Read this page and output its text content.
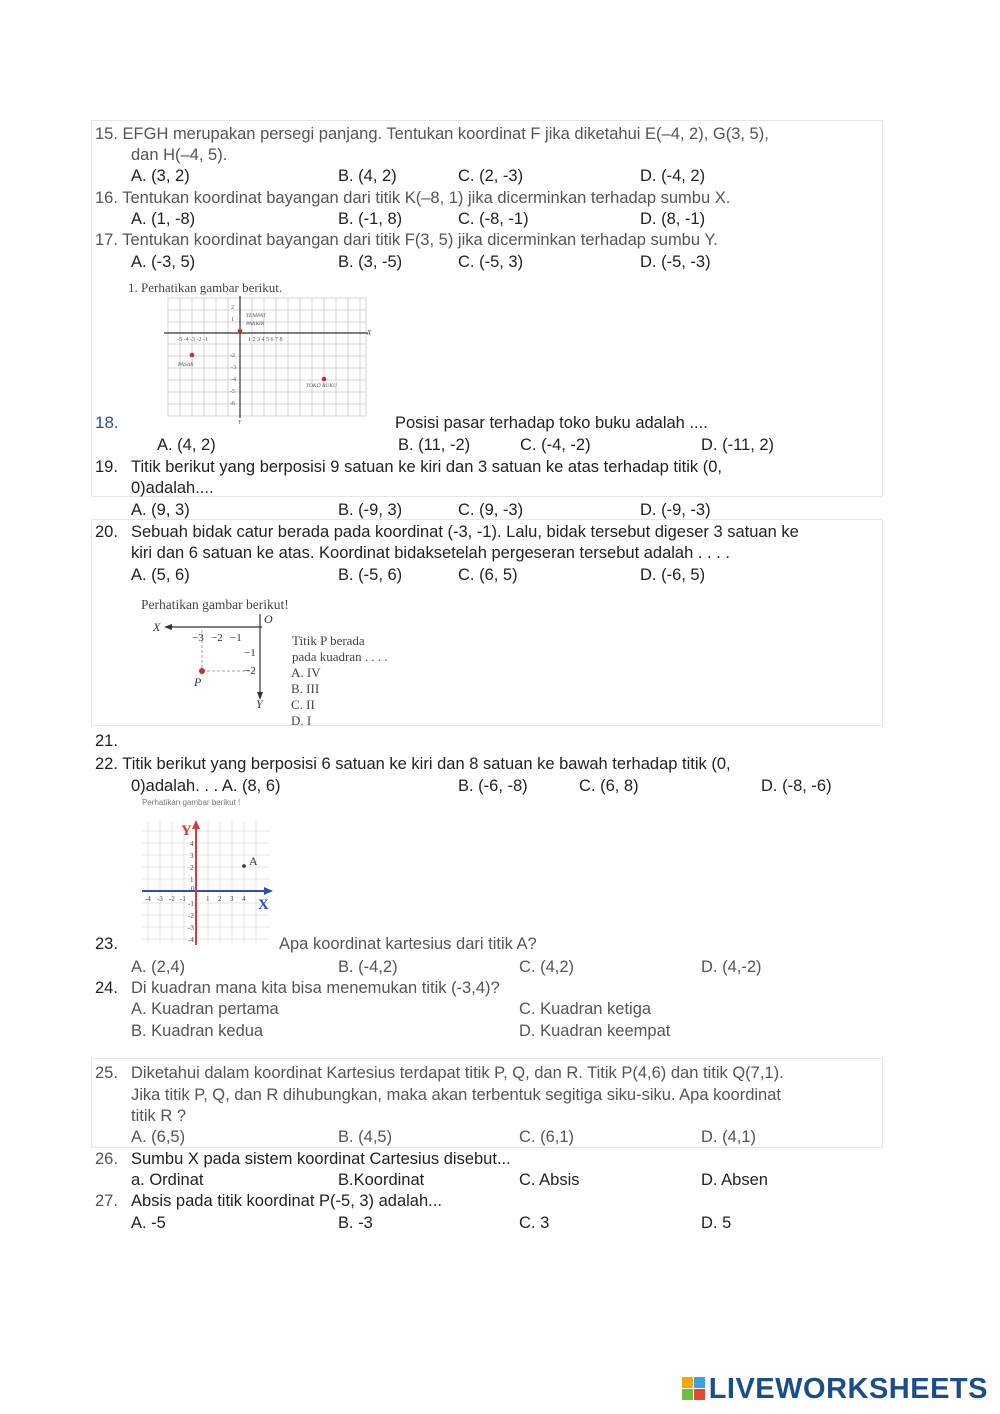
15. EFGH merupakan persegi panjang. Tentukan koordinat F jika diketahui E(–4, 2), G(3, 5),
dan H(–4, 5).
A. (3, 2)	B. (4, 2)	C. (2, -3)	D. (-4, 2)
16. Tentukan koordinat bayangan dari titik K(–8, 1) jika dicerminkan terhadap sumbu X.
A. (1, -8)	B. (-1, 8)	C. (-8, -1)	D. (8, -1)
17. Tentukan koordinat bayangan dari titik F(3, 5) jika dicerminkan terhadap sumbu Y.
A. (-3, 5)	B. (3, -5)	C. (-5, 3)	D. (-5, -3)
1. Perhatikan gambar berikut.
-5 -4 -3 -2 -1	1 2 3 4 5 6 7 8
2
1
-2
-3
-4
-5
-6
X
Y
TEMPAT
PARKIR
PASAR
TOKO BUKU
18.	Posisi pasar terhadap toko buku adalah ....
A. (4, 2)	B. (11, -2)	C. (-4, -2)	D. (-11, 2)
19. Titik berikut yang berposisi 9 satuan ke kiri dan 3 satuan ke atas terhadap titik (0,
0)adalah....
A. (9, 3)	B. (-9, 3)	C. (9, -3)	D. (-9, -3)
20. Sebuah bidak catur berada pada koordinat (-3, -1). Lalu, bidak tersebut digeser 3 satuan ke
kiri dan 6 satuan ke atas. Koordinat bidaksetelah pergeseran tersebut adalah . . . .
A. (5, 6)	B. (-5, 6)	C. (6, 5)	D. (-6, 5)
Perhatikan gambar berikut!
X
O
Y
P
−3 −2 −1
−1
−2
Titik P berada
pada kuadran . . . .
A. IV
B. III
C. II
D. I
21.
22. Titik berikut yang berposisi 6 satuan ke kiri dan 8 satuan ke bawah terhadap titik (0,
0)adalah. . . A. (8, 6)	B. (-6, -8)	C. (6, 8)	D. (-8, -6)
Perhatikan gambar berikut !
Y
X
A
4
3
2
1
0
-1
-2
-3
-4
-4 -3 -2 -1	1 2 3 4
23.	Apa koordinat kartesius dari titik A?
A. (2,4)	B. (-4,2)	C. (4,2)	D. (4,-2)
24. Di kuadran mana kita bisa menemukan titik (-3,4)?
A. Kuadran pertama	C. Kuadran ketiga
B. Kuadran kedua	D. Kuadran keempat
25. Diketahui dalam koordinat Kartesius terdapat titik P, Q, dan R. Titik P(4,6) dan titik Q(7,1).
Jika titik P, Q, dan R dihubungkan, maka akan terbentuk segitiga siku-siku. Apa koordinat
titik R ?
A. (6,5)	B. (4,5)	C. (6,1)	D. (4,1)
26. Sumbu X pada sistem koordinat Cartesius disebut...
a. Ordinat	B.Koordinat	C. Absis	D. Absen
27. Absis pada titik koordinat P(-5, 3) adalah...
A. -5	B. -3	C. 3	D. 5
LIVEWORKSHEETS
